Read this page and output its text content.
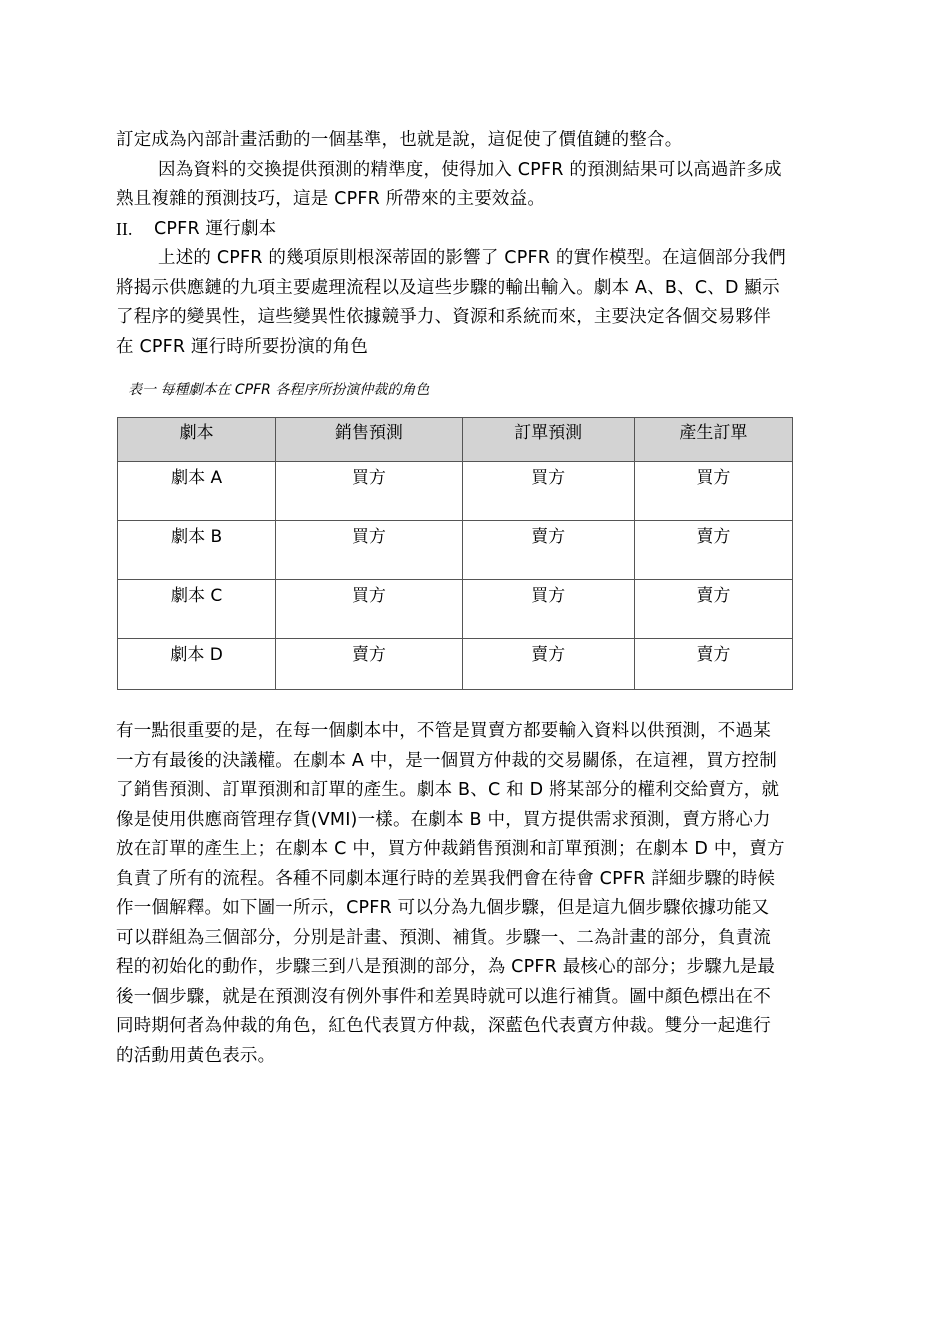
訂定成為內部計畫活動的一個基準，也就是說，這促使了價值鏈的整合。
因為資料的交換提供預測的精準度，使得加入 CPFR 的預測結果可以高過許多成
熟且複雜的預測技巧，這是 CPFR 所帶來的主要效益。
II.	CPFR 運行劇本
上述的 CPFR 的幾項原則根深蒂固的影響了 CPFR 的實作模型。在這個部分我們
將揭示供應鏈的九項主要處理流程以及這些步驟的輸出輸入。劇本 A、B、C、D 顯示
了程序的變異性，這些變異性依據競爭力、資源和系統而來，主要決定各個交易夥伴
在 CPFR 運行時所要扮演的角色
表一 每種劇本在 CPFR 各程序所扮演仲裁的角色
劇本	銷售預測	訂單預測	產生訂單
劇本 A	買方	買方	買方
劇本 B	買方	賣方	賣方
劇本 C	買方	買方	賣方
劇本 D	賣方	賣方	賣方
有一點很重要的是，在每一個劇本中，不管是買賣方都要輸入資料以供預測，不過某
一方有最後的決議權。在劇本 A 中，是一個買方仲裁的交易關係，在這裡，買方控制
了銷售預測、訂單預測和訂單的產生。劇本 B、C 和 D 將某部分的權利交給賣方，就
像是使用供應商管理存貨(VMI)一樣。在劇本 B 中，買方提供需求預測，賣方將心力
放在訂單的產生上；在劇本 C 中，買方仲裁銷售預測和訂單預測；在劇本 D 中，賣方
負責了所有的流程。各種不同劇本運行時的差異我們會在待會 CPFR 詳細步驟的時候
作一個解釋。如下圖一所示，CPFR 可以分為九個步驟，但是這九個步驟依據功能又
可以群組為三個部分，分別是計畫、預測、補貨。步驟一、二為計畫的部分，負責流
程的初始化的動作，步驟三到八是預測的部分，為 CPFR 最核心的部分；步驟九是最
後一個步驟，就是在預測沒有例外事件和差異時就可以進行補貨。圖中顏色標出在不
同時期何者為仲裁的角色，紅色代表買方仲裁，深藍色代表賣方仲裁。雙分一起進行
的活動用黃色表示。
